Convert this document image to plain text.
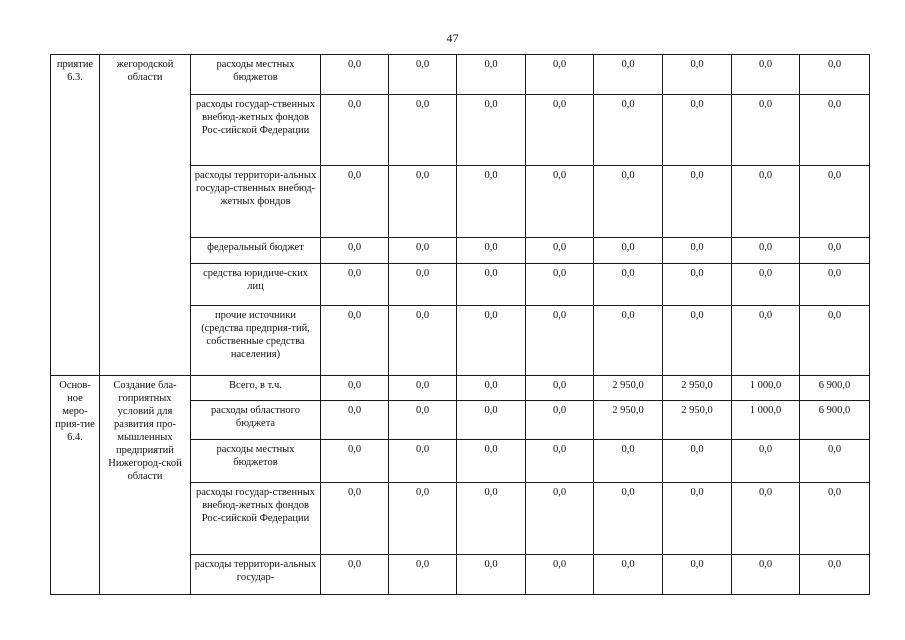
47
приятие 6.3.	жегородской области	расходы местных бюджетов	0,0	0,0	0,0	0,0	0,0	0,0	0,0	0,0
		расходы государ-ственных внебюд-жетных фондов Рос-сийской Федерации	0,0	0,0	0,0	0,0	0,0	0,0	0,0	0,0
		расходы территори-альных государ-ственных внебюд-жетных фондов	0,0	0,0	0,0	0,0	0,0	0,0	0,0	0,0
		федеральный бюджет	0,0	0,0	0,0	0,0	0,0	0,0	0,0	0,0
		средства юридиче-ских лиц	0,0	0,0	0,0	0,0	0,0	0,0	0,0	0,0
		прочие источники (средства предприя-тий, собственные средства населения)	0,0	0,0	0,0	0,0	0,0	0,0	0,0	0,0
Основ-ное меро-прия-тие 6.4.	Создание бла-гоприятных условий для развития про-мышленных предприятий Нижегород-ской области	Всего, в т.ч.	0,0	0,0	0,0	0,0	2 950,0	2 950,0	1 000,0	6 900,0
		расходы областного бюджета	0,0	0,0	0,0	0,0	2 950,0	2 950,0	1 000,0	6 900,0
		расходы местных бюджетов	0,0	0,0	0,0	0,0	0,0	0,0	0,0	0,0
		расходы государ-ственных внебюд-жетных фондов Рос-сийской Федерации	0,0	0,0	0,0	0,0	0,0	0,0	0,0	0,0
		расходы территори-альных государ-	0,0	0,0	0,0	0,0	0,0	0,0	0,0	0,0
